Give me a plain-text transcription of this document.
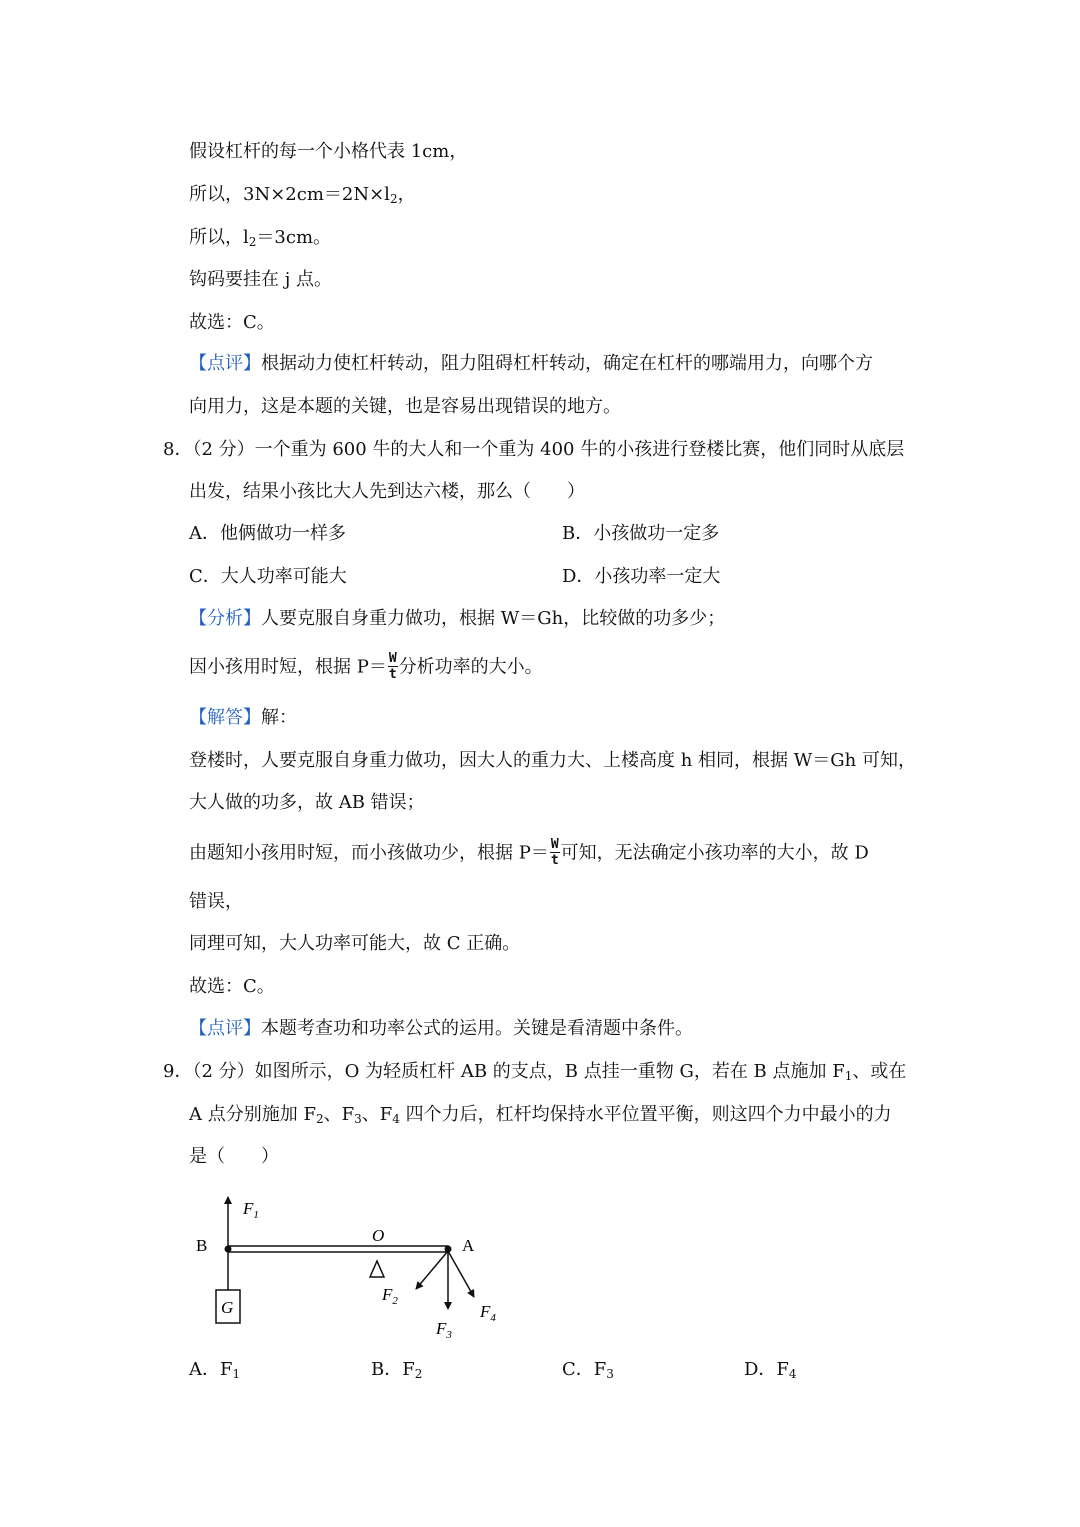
假设杠杆的每一个小格代表 1cm，
所以，$3N\times 2cm=2N\times l_2$，
所以，$l_2=3cm$。
钩码要挂在 j 点。
故选：C。
【点评】根据动力使杠杆转动，阻力阻碍杠杆转动，确定在杠杆的哪端用力，向哪个方
向用力，这是本题的关键，也是容易出现错误的地方。
8．（2 分）一个重为 600 牛的大人和一个重为 400 牛的小孩进行登楼比赛，他们同时从底层
出发，结果小孩比大人先到达六楼，那么（　　）
A．他俩做功一样多	B．小孩做功一定多
C．大人功率可能大	D．小孩功率一定大
【分析】人要克服自身重力做功，根据 W＝Gh，比较做的功多少；
因小孩用时短，根据 $P= \frac{W}{t}$ 分析功率的大小。
【解答】解：
登楼时，人要克服自身重力做功，因大人的重力大、上楼高度 h 相同，根据 W＝Gh 可知，
大人做的功多，故 AB 错误；
由题知小孩用时短，而小孩做功少，根据 $P= \frac{W}{t}$ 可知，无法确定小孩功率的大小，故 D
错误，
同理可知，大人功率可能大，故 C 正确。
故选：C。
【点评】本题考查功和功率公式的运用。关键是看清题中条件。
9．（2 分）如图所示，O 为轻质杠杆 AB 的支点，B 点挂一重物 G，若在 B 点施加 $F_1$、或在
A 点分别施加 $F_2$、$F_3$、$F_4$ 四个力后，杠杆均保持水平位置平衡，则这四个力中最小的力
是（　　）
$F_1$
B
O
A
G
$F_2$
$F_3$
$F_4$
A．$F_1$	B．$F_2$	C．$F_3$	D．$F_4$
